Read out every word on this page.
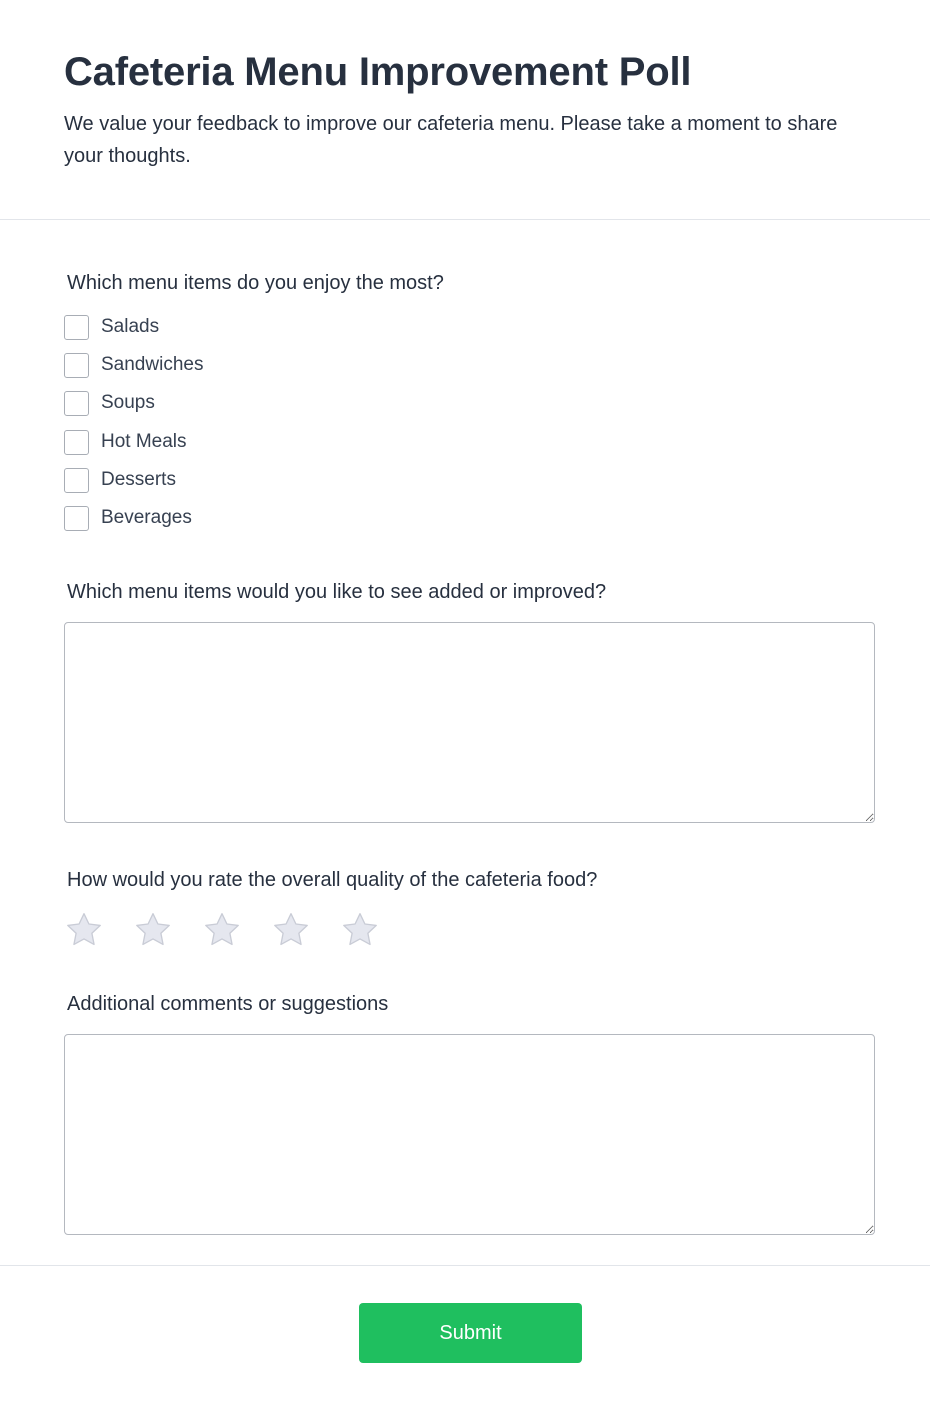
Cafeteria Menu Improvement Poll

We value your feedback to improve our cafeteria menu. Please take a moment to share your thoughts.

Which menu items do you enjoy the most?
Salads
Sandwiches
Soups
Hot Meals
Desserts
Beverages
Which menu items would you like to see added or improved?
How would you rate the overall quality of the cafeteria food?
Additional comments or suggestions
Submit
